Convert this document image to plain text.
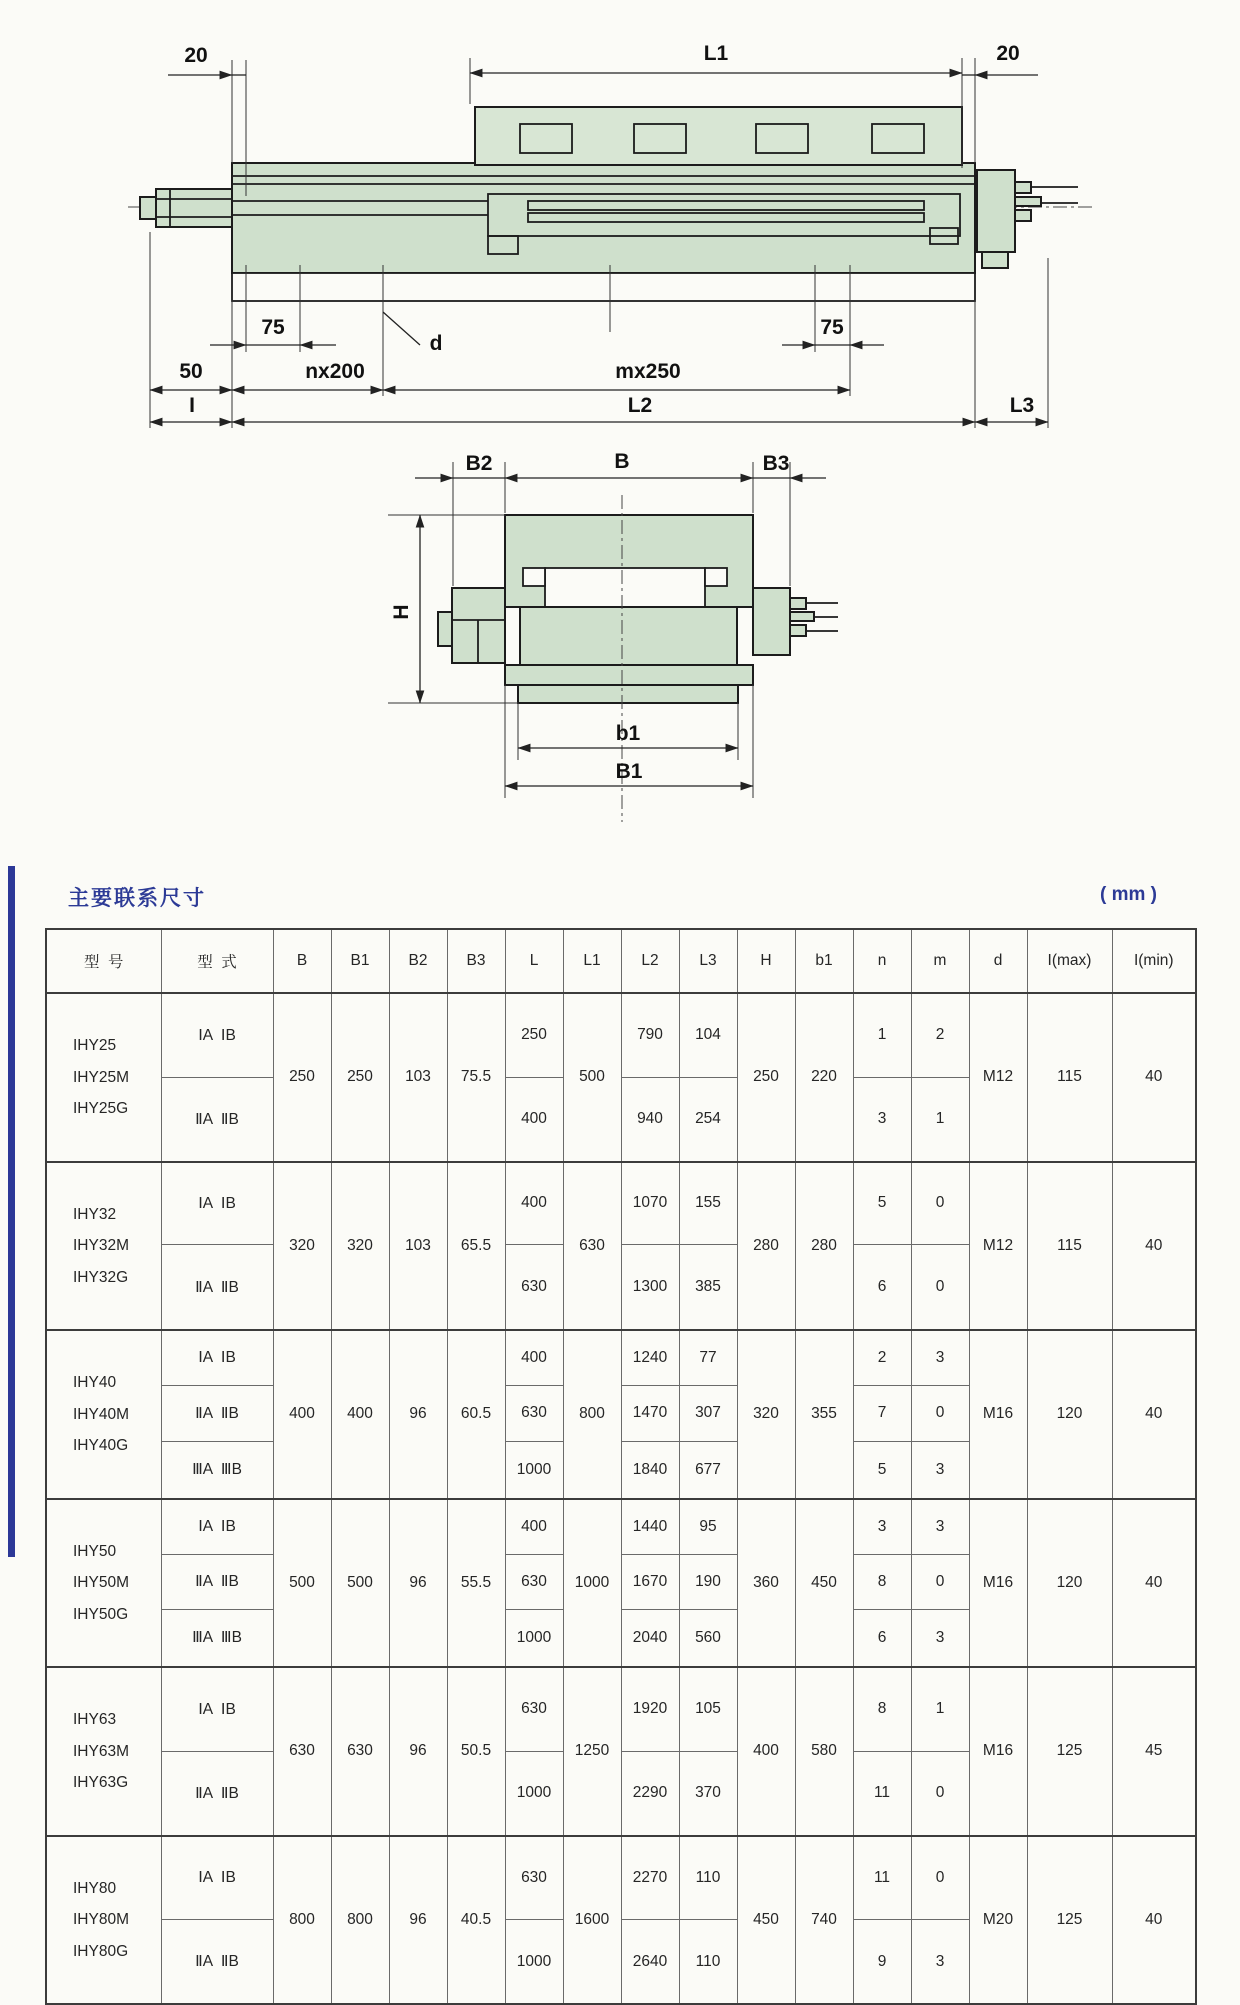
20	L1	20
75
d
75
50	nx200	mx250
I	L2	L3
B2	B	B3
H
b1
B1
主要联系尺寸	( mm )
型  号	型  式	B	B1	B2	B3	L	L1	L2	L3	H	b1	n	m	d	I(max)	I(min)

IHY25
IHY25M
IHY25G	ⅠA  ⅠB	250	250	103	75.5	250	500	790	104	250	220	1	2	M12	115	40
	ⅡA  ⅡB					400		940	254			3	1			

IHY32
IHY32M
IHY32G	ⅠA  ⅠB	320	320	103	65.5	400	630	1070	155	280	280	5	0	M12	115	40
	ⅡA  ⅡB					630		1300	385			6	0			

IHY40
IHY40M
IHY40G	ⅠA  ⅠB	400	400	96	60.5	400	800	1240	77	320	355	2	3	M16	120	40
	ⅡA  ⅡB					630		1470	307			7	0			
	ⅢA  ⅢB					1000		1840	677			5	3			

IHY50
IHY50M
IHY50G	ⅠA  ⅠB	500	500	96	55.5	400	1000	1440	95	360	450	3	3	M16	120	40
	ⅡA  ⅡB					630		1670	190			8	0			
	ⅢA  ⅢB					1000		2040	560			6	3			

IHY63
IHY63M
IHY63G	ⅠA  ⅠB	630	630	96	50.5	630	1250	1920	105	400	580	8	1	M16	125	45
	ⅡA  ⅡB					1000		2290	370			11	0			

IHY80
IHY80M
IHY80G	ⅠA  ⅠB	800	800	96	40.5	630	1600	2270	110	450	740	11	0	M20	125	40
	ⅡA  ⅡB					1000		2640	110			9	3			
